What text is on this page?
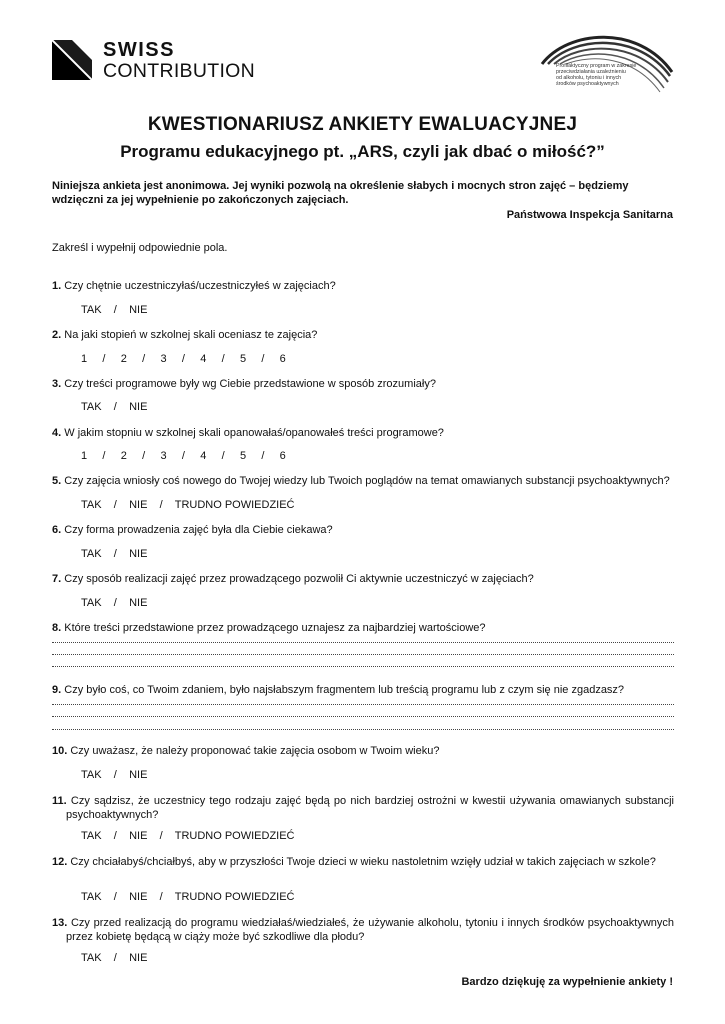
SWISS
CONTRIBUTION	Profilaktyczny program w zakresie
przeciwdziałania uzależnieniu
od alkoholu, tytoniu i innych
środków psychoaktywnych
KWESTIONARIUSZ ANKIETY EWALUACYJNEJ
Programu edukacyjnego pt. „ARS, czyli jak dbać o miłość?”
Niniejsza ankieta jest anonimowa. Jej wyniki pozwolą na określenie słabych i mocnych stron zajęć – będziemy wdzięczni za jej wypełnienie po zakończonych zajęciach.
Państwowa Inspekcja Sanitarna
Zakreśl i wypełnij odpowiednie pola.
1. Czy chętnie uczestniczyłaś/uczestniczyłeś w zajęciach?
TAK    /    NIE
2. Na jaki stopień w szkolnej skali oceniasz te zajęcia?
1     /     2     /     3     /     4     /     5     /     6
3. Czy treści programowe były wg Ciebie przedstawione w sposób zrozumiały?
TAK    /    NIE
4. W jakim stopniu w szkolnej skali opanowałaś/opanowałeś treści programowe?
1     /     2     /     3     /     4     /     5     /     6
5. Czy zajęcia wniosły coś nowego do Twojej wiedzy lub Twoich poglądów na temat omawianych substancji psychoaktywnych?
TAK    /    NIE    /    TRUDNO POWIEDZIEĆ
6. Czy forma prowadzenia zajęć była dla Ciebie ciekawa?
TAK    /    NIE
7. Czy sposób realizacji zajęć przez prowadzącego pozwolił Ci aktywnie uczestniczyć w zajęciach?
TAK    /    NIE
8. Które treści przedstawione przez prowadzącego uznajesz za najbardziej wartościowe?
9. Czy było coś, co Twoim zdaniem, było najsłabszym fragmentem lub treścią programu lub z czym się nie zgadzasz?
10. Czy uważasz, że należy proponować takie zajęcia osobom w Twoim wieku?
TAK    /    NIE
11. Czy sądzisz, że uczestnicy tego rodzaju zajęć będą po nich bardziej ostrożni w kwestii używania omawianych substancji psychoaktywnych?
TAK    /    NIE    /    TRUDNO POWIEDZIEĆ
12. Czy chciałabyś/chciałbyś, aby w przyszłości Twoje dzieci w wieku nastoletnim wzięły udział w takich zajęciach w szkole?
TAK    /    NIE    /    TRUDNO POWIEDZIEĆ
13. Czy przed realizacją do programu wiedziałaś/wiedziałeś, że używanie alkoholu, tytoniu i innych środków psychoaktywnych przez kobietę będącą w ciąży może być szkodliwe dla płodu?
TAK    /    NIE
Bardzo dziękuję za wypełnienie ankiety !
